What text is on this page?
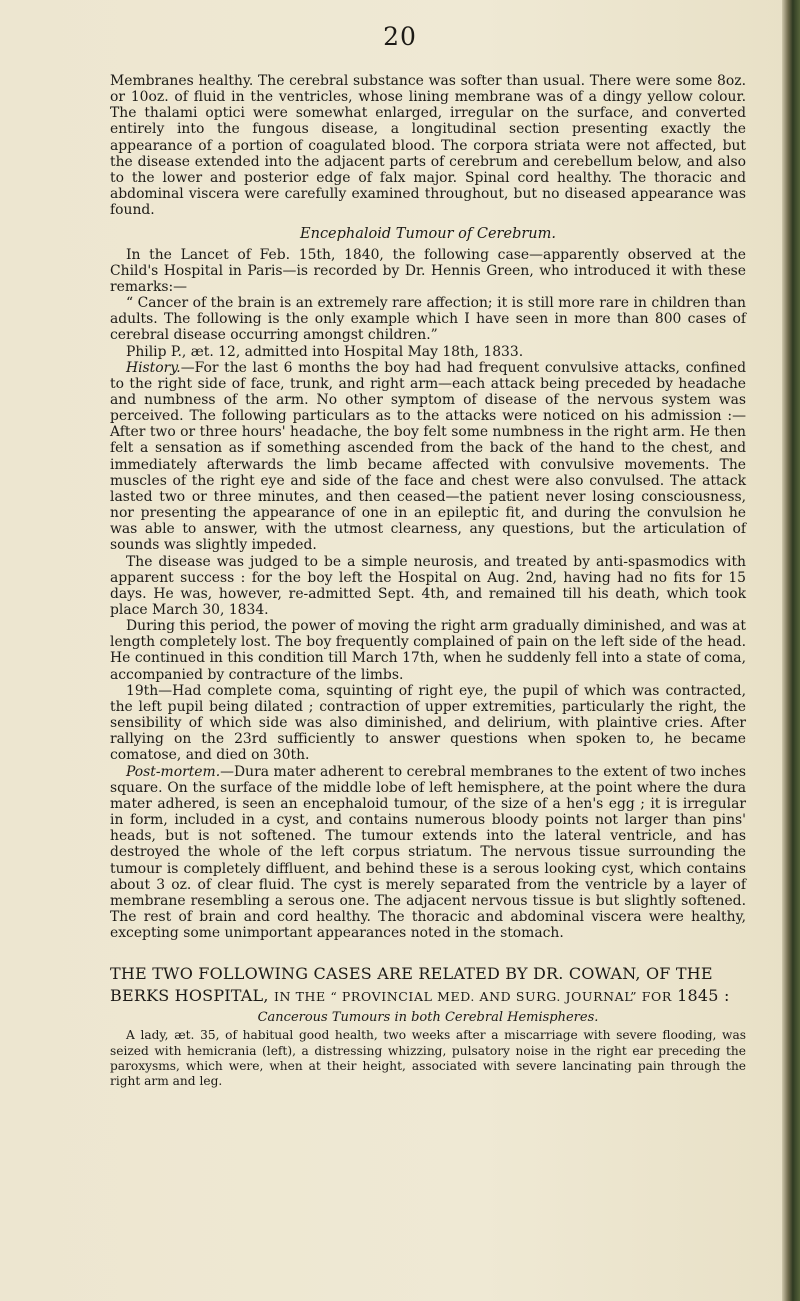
20

Membranes healthy. The cerebral substance was softer than usual. There were some 8oz. or 10oz. of fluid in the ventricles, whose lining membrane was of a dingy yellow colour. The thalami optici were somewhat enlarged, irregular on the surface, and converted entirely into the fungous disease, a longitudinal section presenting exactly the appearance of a portion of coagulated blood. The corpora striata were not affected, but the disease extended into the adjacent parts of cerebrum and cerebellum below, and also to the lower and posterior edge of falx major. Spinal cord healthy. The thoracic and abdominal viscera were carefully examined throughout, but no diseased appearance was found.

Encephaloid Tumour of Cerebrum.

In the Lancet of Feb. 15th, 1840, the following case—apparently observed at the Child's Hospital in Paris—is recorded by Dr. Hennis Green, who introduced it with these remarks:—

“ Cancer of the brain is an extremely rare affection; it is still more rare in children than adults. The following is the only example which I have seen in more than 800 cases of cerebral disease occurring amongst children.”

Philip P., æt. 12, admitted into Hospital May 18th, 1833.

History.—For the last 6 months the boy had had frequent convulsive attacks, confined to the right side of face, trunk, and right arm—each attack being preceded by headache and numbness of the arm. No other symptom of disease of the nervous system was perceived. The following particulars as to the attacks were noticed on his admission :—After two or three hours' headache, the boy felt some numbness in the right arm. He then felt a sensation as if something ascended from the back of the hand to the chest, and immediately afterwards the limb became affected with convulsive movements. The muscles of the right eye and side of the face and chest were also convulsed. The attack lasted two or three minutes, and then ceased—the patient never losing consciousness, nor presenting the appearance of one in an epileptic fit, and during the convulsion he was able to answer, with the utmost clearness, any questions, but the articulation of sounds was slightly impeded.

The disease was judged to be a simple neurosis, and treated by anti-spasmodics with apparent success : for the boy left the Hospital on Aug. 2nd, having had no fits for 15 days. He was, however, re-admitted Sept. 4th, and remained till his death, which took place March 30, 1834.

During this period, the power of moving the right arm gradually diminished, and was at length completely lost. The boy frequently complained of pain on the left side of the head. He continued in this condition till March 17th, when he suddenly fell into a state of coma, accompanied by contracture of the limbs.

19th—Had complete coma, squinting of right eye, the pupil of which was contracted, the left pupil being dilated ; contraction of upper extremities, particularly the right, the sensibility of which side was also diminished, and delirium, with plaintive cries. After rallying on the 23rd sufficiently to answer questions when spoken to, he became comatose, and died on 30th.

Post-mortem.—Dura mater adherent to cerebral membranes to the extent of two inches square. On the surface of the middle lobe of left hemisphere, at the point where the dura mater adhered, is seen an encephaloid tumour, of the size of a hen's egg ; it is irregular in form, included in a cyst, and contains numerous bloody points not larger than pins' heads, but is not softened. The tumour extends into the lateral ventricle, and has destroyed the whole of the left corpus striatum. The nervous tissue surrounding the tumour is completely diffluent, and behind these is a serous looking cyst, which contains about 3 oz. of clear fluid. The cyst is merely separated from the ventricle by a layer of membrane resembling a serous one. The adjacent nervous tissue is but slightly softened. The rest of brain and cord healthy. The thoracic and abdominal viscera were healthy, excepting some unimportant appearances noted in the stomach.

THE TWO FOLLOWING CASES ARE RELATED BY DR. COWAN, OF THE BERKS HOSPITAL, IN THE “ PROVINCIAL MED. AND SURG. JOURNAL” FOR 1845 :
Cancerous Tumours in both Cerebral Hemispheres.

A lady, æt. 35, of habitual good health, two weeks after a miscarriage with severe flooding, was seized with hemicrania (left), a distressing whizzing, pulsatory noise in the right ear preceding the paroxysms, which were, when at their height, associated with severe lancinating pain through the right arm and leg.
